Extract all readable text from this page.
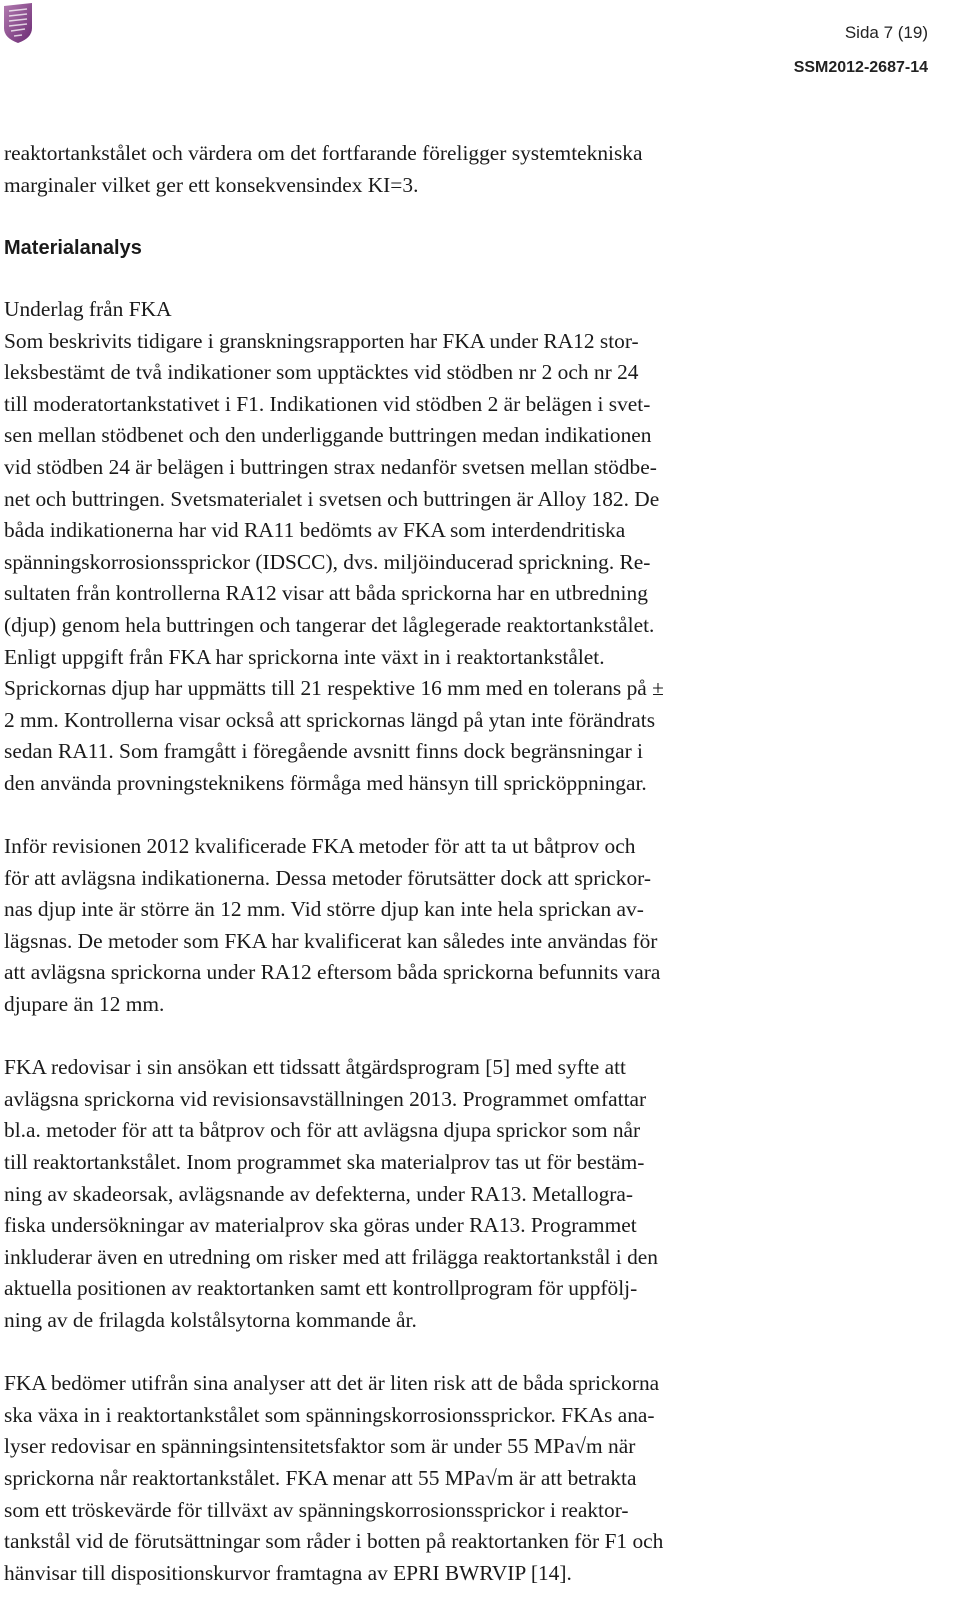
Sida 7 (19)
SSM2012-2687-14

reaktortankstålet och värdera om det fortfarande föreligger systemtekniska
marginaler vilket ger ett konsekvensindex KI=3.

Materialanalys

Underlag från FKA
Som beskrivits tidigare i granskningsrapporten har FKA under RA12 stor-
leksbestämt de två indikationer som upptäcktes vid stödben nr 2 och nr 24
till moderatortankstativet i F1. Indikationen vid stödben 2 är belägen i svet-
sen mellan stödbenet och den underliggande buttringen medan indikationen
vid stödben 24 är belägen i buttringen strax nedanför svetsen mellan stödbe-
net och buttringen. Svetsmaterialet i svetsen och buttringen är Alloy 182. De
båda indikationerna har vid RA11 bedömts av FKA som interdendritiska
spänningskorrosionssprickor (IDSCC), dvs. miljöinducerad sprickning. Re-
sultaten från kontrollerna RA12 visar att båda sprickorna har en utbredning
(djup) genom hela buttringen och tangerar det låglegerade reaktortankstålet.
Enligt uppgift från FKA har sprickorna inte växt in i reaktortankstålet.
Sprickornas djup har uppmätts till 21 respektive 16 mm med en tolerans på ±
2 mm. Kontrollerna visar också att sprickornas längd på ytan inte förändrats
sedan RA11. Som framgått i föregående avsnitt finns dock begränsningar i
den använda provningsteknikens förmåga med hänsyn till spricköppningar.

Inför revisionen 2012 kvalificerade FKA metoder för att ta ut båtprov och
för att avlägsna indikationerna. Dessa metoder förutsätter dock att sprickor-
nas djup inte är större än 12 mm. Vid större djup kan inte hela sprickan av-
lägsnas. De metoder som FKA har kvalificerat kan således inte användas för
att avlägsna sprickorna under RA12 eftersom båda sprickorna befunnits vara
djupare än 12 mm.

FKA redovisar i sin ansökan ett tidssatt åtgärdsprogram [5] med syfte att
avlägsna sprickorna vid revisionsavställningen 2013. Programmet omfattar
bl.a. metoder för att ta båtprov och för att avlägsna djupa sprickor som når
till reaktortankstålet. Inom programmet ska materialprov tas ut för bestäm-
ning av skadeorsak, avlägsnande av defekterna, under RA13. Metallogra-
fiska undersökningar av materialprov ska göras under RA13. Programmet
inkluderar även en utredning om risker med att frilägga reaktortankstål i den
aktuella positionen av reaktortanken samt ett kontrollprogram för uppfölj-
ning av de frilagda kolstålsytorna kommande år.

FKA bedömer utifrån sina analyser att det är liten risk att de båda sprickorna
ska växa in i reaktortankstålet som spänningskorrosionssprickor. FKAs ana-
lyser redovisar en spänningsintensitetsfaktor som är under 55 MPa√m när
sprickorna når reaktortankstålet. FKA menar att 55 MPa√m är att betrakta
som ett tröskevärde för tillväxt av spänningskorrosionssprickor i reaktor-
tankstål vid de förutsättningar som råder i botten på reaktortanken för F1 och
hänvisar till dispositionskurvor framtagna av EPRI BWRVIP [14].
